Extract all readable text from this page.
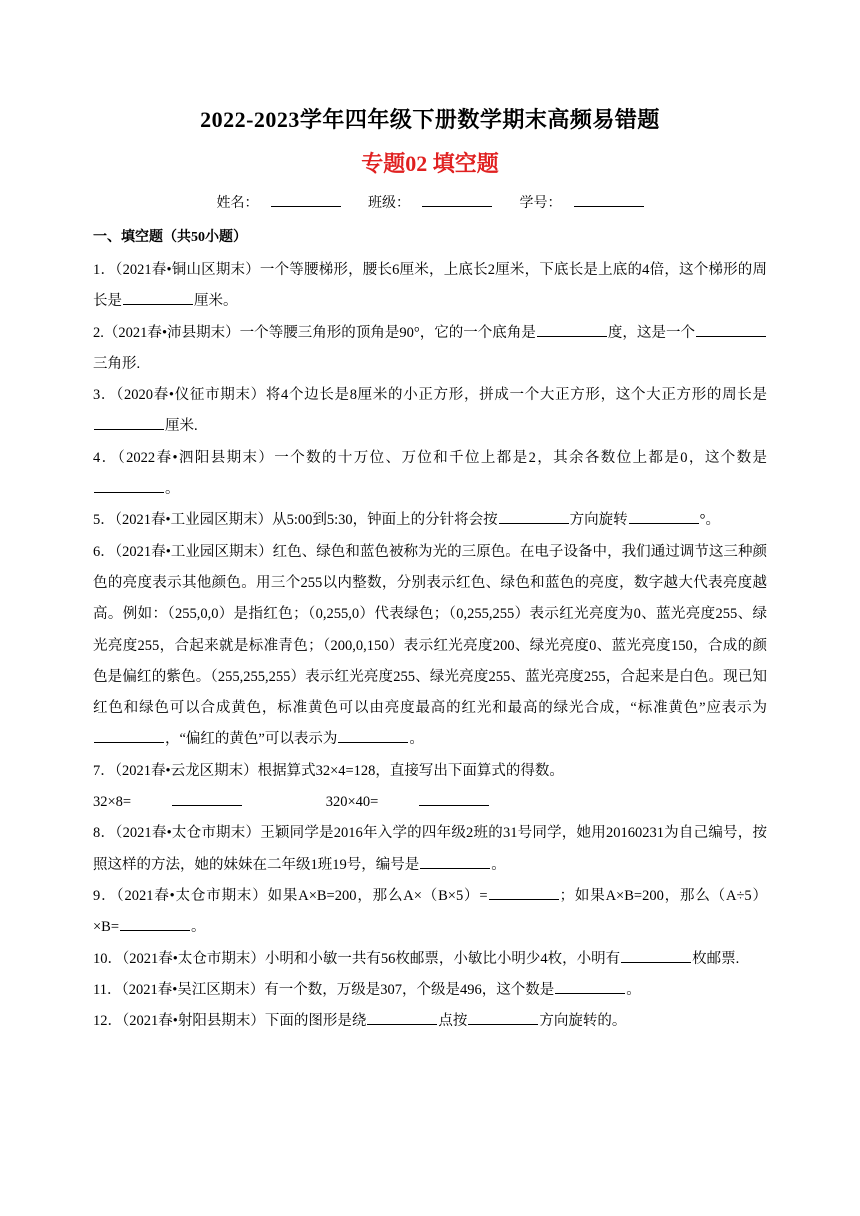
2022-2023学年四年级下册数学期末高频易错题
专题02 填空题
姓名：	班级：	学号：
一、填空题（共50小题）
1．（2021春•铜山区期末）一个等腰梯形，腰长6厘米，上底长2厘米，下底长是上底的4倍，这个梯形的周长是	厘米。
2.（2021春•沛县期末）一个等腰三角形的顶角是90°，它的一个底角是	度，这是一个三角形.
3．（2020春•仪征市期末）将4个边长是8厘米的小正方形，拼成一个大正方形，这个大正方形的周长是厘米.
4．（2022春•泗阳县期末）一个数的十万位、万位和千位上都是2，其余各数位上都是0，这个数是。
5．（2021春•工业园区期末）从5:00到5:30，钟面上的分针将会按	方向旋转	°。
6．（2021春•工业园区期末）红色、绿色和蓝色被称为光的三原色。在电子设备中，我们通过调节这三种颜色的亮度表示其他颜色。用三个255以内整数，分别表示红色、绿色和蓝色的亮度，数字越大代表亮度越高。例如：（255,0,0）是指红色；（0,255,0）代表绿色；（0,255,255）表示红光亮度为0、蓝光亮度255、绿光亮度255，合起来就是标准青色；（200,0,150）表示红光亮度200、绿光亮度0、蓝光亮度150，合成的颜色是偏红的紫色。（255,255,255）表示红光亮度255、绿光亮度255、蓝光亮度255，合起来是白色。现已知红色和绿色可以合成黄色，标准黄色可以由亮度最高的红光和最高的绿光合成，“标准黄色”应表示为，“偏红的黄色”可以表示为	。
7．（2021春•云龙区期末）根据算式32×4=128，直接写出下面算式的得数。
32×8=	320×40=
8．（2021春•太仓市期末）王颖同学是2016年入学的四年级2班的31号同学，她用20160231为自己编号，按照这样的方法，她的妹妹在二年级1班19号，编号是	。
9．（2021春•太仓市期末）如果A×B=200，那么A×（B×5）=	；如果A×B=200，那么（A÷5）×B=	。
10．（2021春•太仓市期末）小明和小敏一共有56枚邮票，小敏比小明少4枚，小明有	枚邮票.
11．（2021春•吴江区期末）有一个数，万级是307，个级是496，这个数是	。
12．（2021春•射阳县期末）下面的图形是绕	点按	方向旋转的。
